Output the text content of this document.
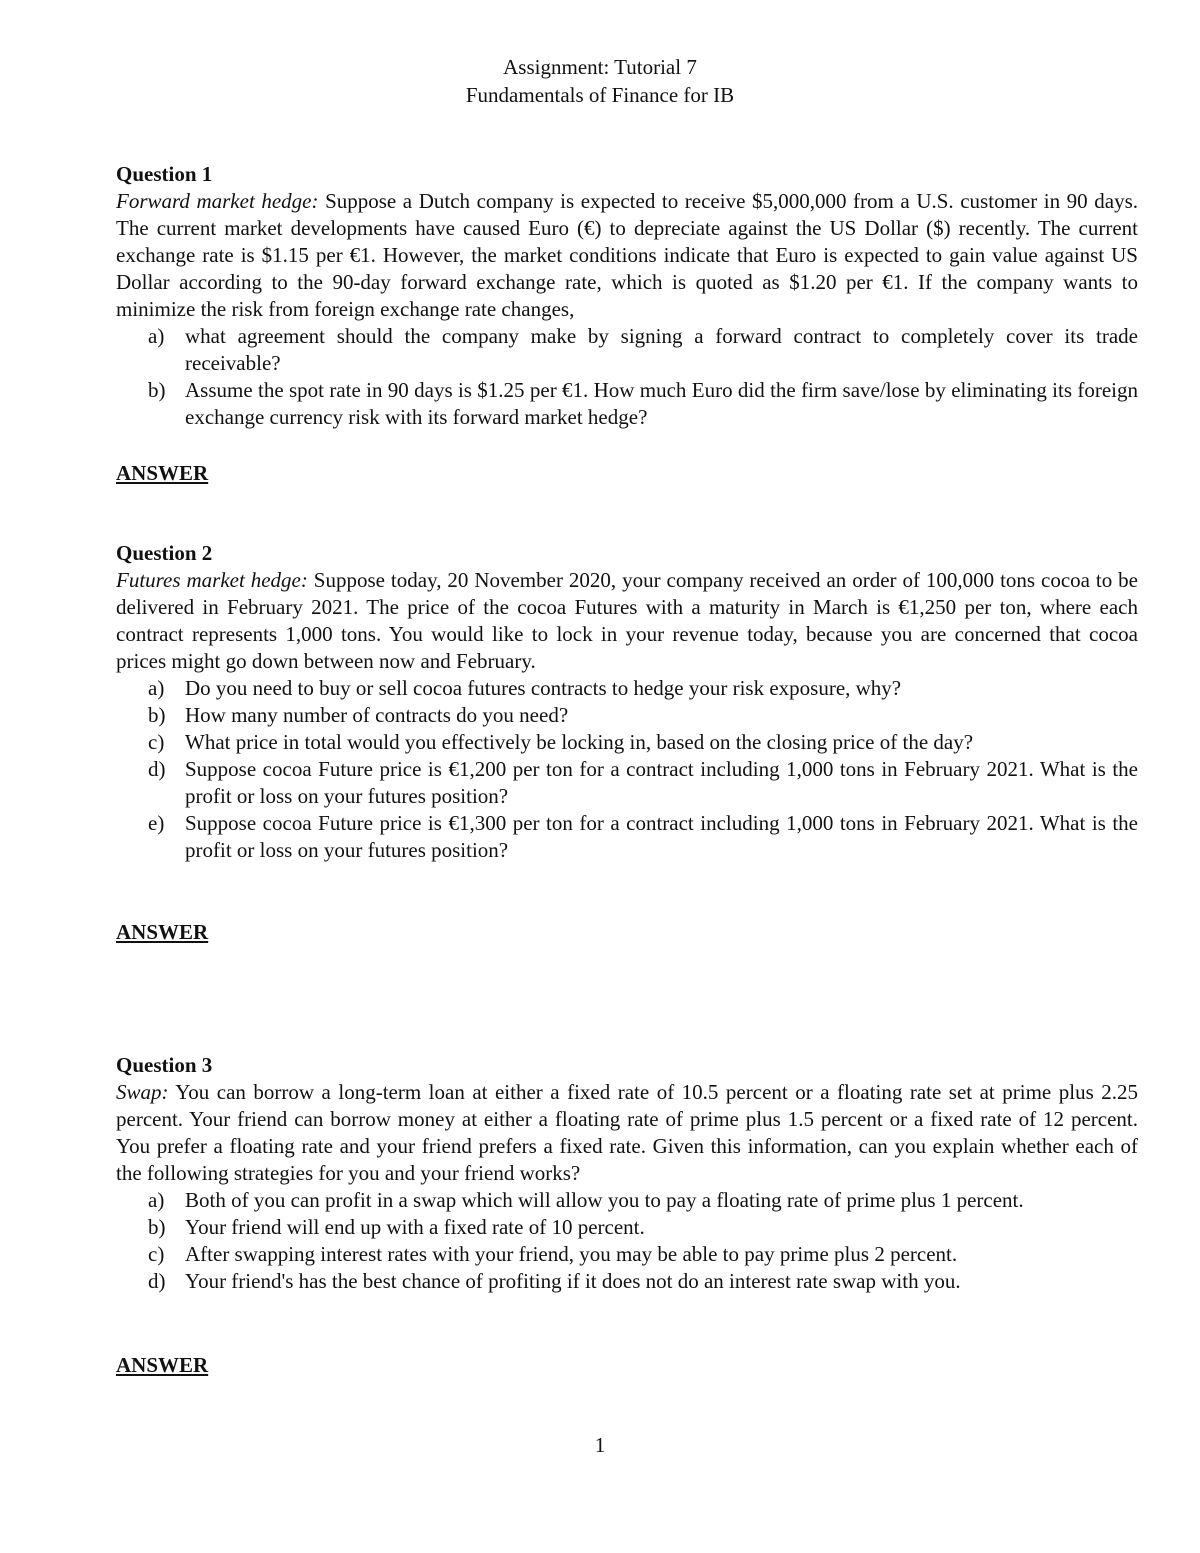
Assignment: Tutorial 7
Fundamentals of Finance for IB
Question 1
Forward market hedge: Suppose a Dutch company is expected to receive $5,000,000 from a U.S. customer in 90 days. The current market developments have caused Euro (€) to depreciate against the US Dollar ($) recently. The current exchange rate is $1.15 per €1. However, the market conditions indicate that Euro is expected to gain value against US Dollar according to the 90-day forward exchange rate, which is quoted as $1.20 per €1. If the company wants to minimize the risk from foreign exchange rate changes,
a) what agreement should the company make by signing a forward contract to completely cover its trade receivable?
b) Assume the spot rate in 90 days is $1.25 per €1. How much Euro did the firm save/lose by eliminating its foreign exchange currency risk with its forward market hedge?
ANSWER
Question 2
Futures market hedge: Suppose today, 20 November 2020, your company received an order of 100,000 tons cocoa to be delivered in February 2021. The price of the cocoa Futures with a maturity in March is €1,250 per ton, where each contract represents 1,000 tons. You would like to lock in your revenue today, because you are concerned that cocoa prices might go down between now and February.
a) Do you need to buy or sell cocoa futures contracts to hedge your risk exposure, why?
b) How many number of contracts do you need?
c) What price in total would you effectively be locking in, based on the closing price of the day?
d) Suppose cocoa Future price is €1,200 per ton for a contract including 1,000 tons in February 2021. What is the profit or loss on your futures position?
e) Suppose cocoa Future price is €1,300 per ton for a contract including 1,000 tons in February 2021. What is the profit or loss on your futures position?
ANSWER
Question 3
Swap: You can borrow a long-term loan at either a fixed rate of 10.5 percent or a floating rate set at prime plus 2.25 percent. Your friend can borrow money at either a floating rate of prime plus 1.5 percent or a fixed rate of 12 percent. You prefer a floating rate and your friend prefers a fixed rate. Given this information, can you explain whether each of the following strategies for you and your friend works?
a) Both of you can profit in a swap which will allow you to pay a floating rate of prime plus 1 percent.
b) Your friend will end up with a fixed rate of 10 percent.
c) After swapping interest rates with your friend, you may be able to pay prime plus 2 percent.
d) Your friend's has the best chance of profiting if it does not do an interest rate swap with you.
ANSWER
1
